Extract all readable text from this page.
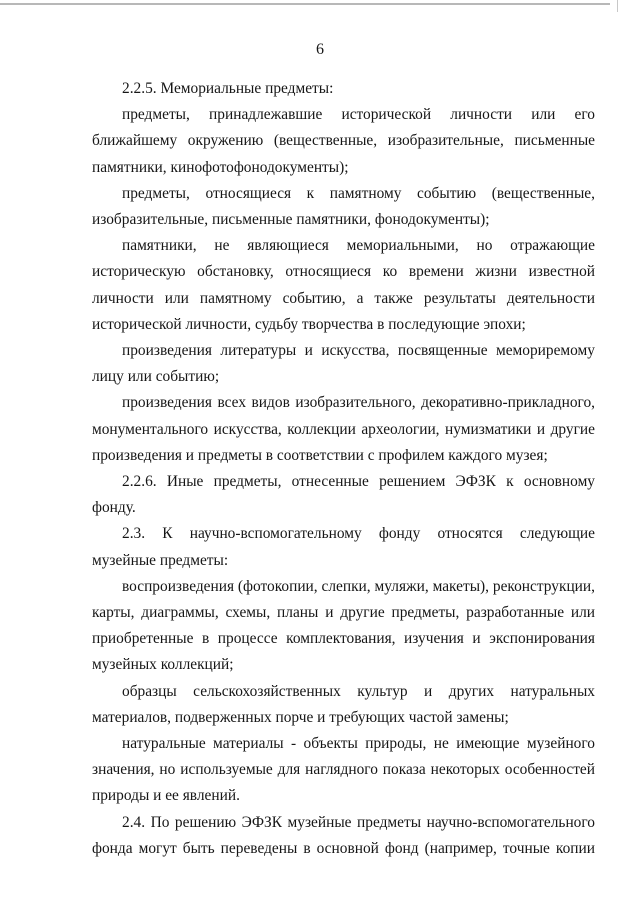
6

2.2.5. Мемориальные предметы:

предметы, принадлежавшие исторической личности или его ближайшему окружению (вещественные, изобразительные, письменные памятники, кинофотофонодокументы);

предметы, относящиеся к памятному событию (вещественные, изобразительные, письменные памятники, фонодокументы);

памятники, не являющиеся мемориальными, но отражающие историческую обстановку, относящиеся ко времени жизни известной личности или памятному событию, а также результаты деятельности исторической личности, судьбу творчества в последующие эпохи;

произведения литературы и искусства, посвященные мемориремому лицу или событию;

произведения всех видов изобразительного, декоративно-прикладного, монументального искусства, коллекции археологии, нумизматики и другие произведения и предметы в соответствии с профилем каждого музея;

2.2.6. Иные предметы, отнесенные решением ЭФЗК к основному фонду.

2.3. К научно-вспомогательному фонду относятся следующие музейные предметы:

воспроизведения (фотокопии, слепки, муляжи, макеты), реконструкции, карты, диаграммы, схемы, планы и другие предметы, разработанные или приобретенные в процессе комплектования, изучения и экспонирования музейных коллекций;

образцы сельскохозяйственных культур и других натуральных материалов, подверженных порче и требующих частой замены;

натуральные материалы - объекты природы, не имеющие музейного значения, но используемые для наглядного показа некоторых особенностей природы и ее явлений.

2.4. По решению ЭФЗК музейные предметы научно-вспомогательного фонда могут быть переведены в основной фонд (например, точные копии
